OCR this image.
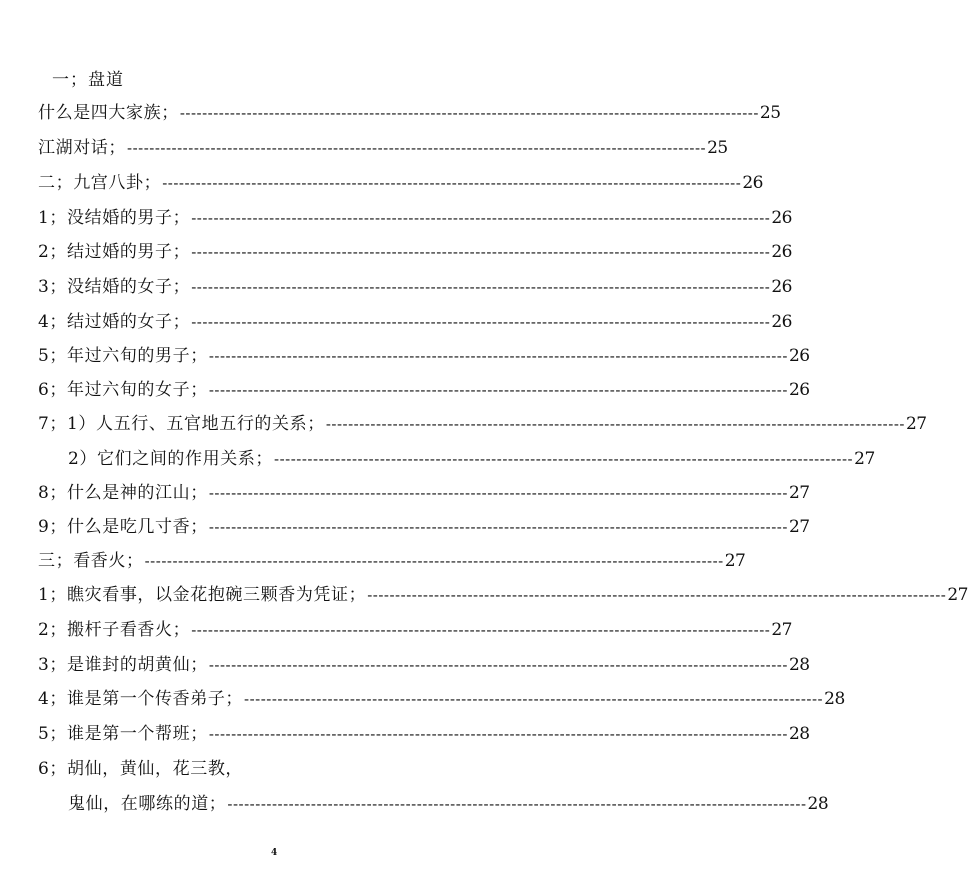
一；盘道
什么是四大家族； -------------------------------------------------------------------------------------------------------- 25
江湖对话； -------------------------------------------------------------------------------------------------------- 25
二；九宫八卦； -------------------------------------------------------------------------------------------------------- 26
1；没结婚的男子； -------------------------------------------------------------------------------------------------------- 26
2；结过婚的男子； -------------------------------------------------------------------------------------------------------- 26
3；没结婚的女子； -------------------------------------------------------------------------------------------------------- 26
4；结过婚的女子； -------------------------------------------------------------------------------------------------------- 26
5；年过六旬的男子； -------------------------------------------------------------------------------------------------------- 26
6；年过六旬的女子； -------------------------------------------------------------------------------------------------------- 26
7；1）人五行、五官地五行的关系； -------------------------------------------------------------------------------------------------------- 27
2）它们之间的作用关系； -------------------------------------------------------------------------------------------------------- 27
8；什么是神的江山； -------------------------------------------------------------------------------------------------------- 27
9；什么是吃几寸香； -------------------------------------------------------------------------------------------------------- 27
三；看香火； -------------------------------------------------------------------------------------------------------- 27
1；瞧灾看事，以金花抱碗三颗香为凭证； -------------------------------------------------------------------------------------------------------- 27
2；搬杆子看香火； -------------------------------------------------------------------------------------------------------- 27
3；是谁封的胡黄仙； -------------------------------------------------------------------------------------------------------- 28
4；谁是第一个传香弟子； -------------------------------------------------------------------------------------------------------- 28
5；谁是第一个帮班； -------------------------------------------------------------------------------------------------------- 28
6；胡仙，黄仙，花三教，
鬼仙，在哪练的道； -------------------------------------------------------------------------------------------------------- 28
4
